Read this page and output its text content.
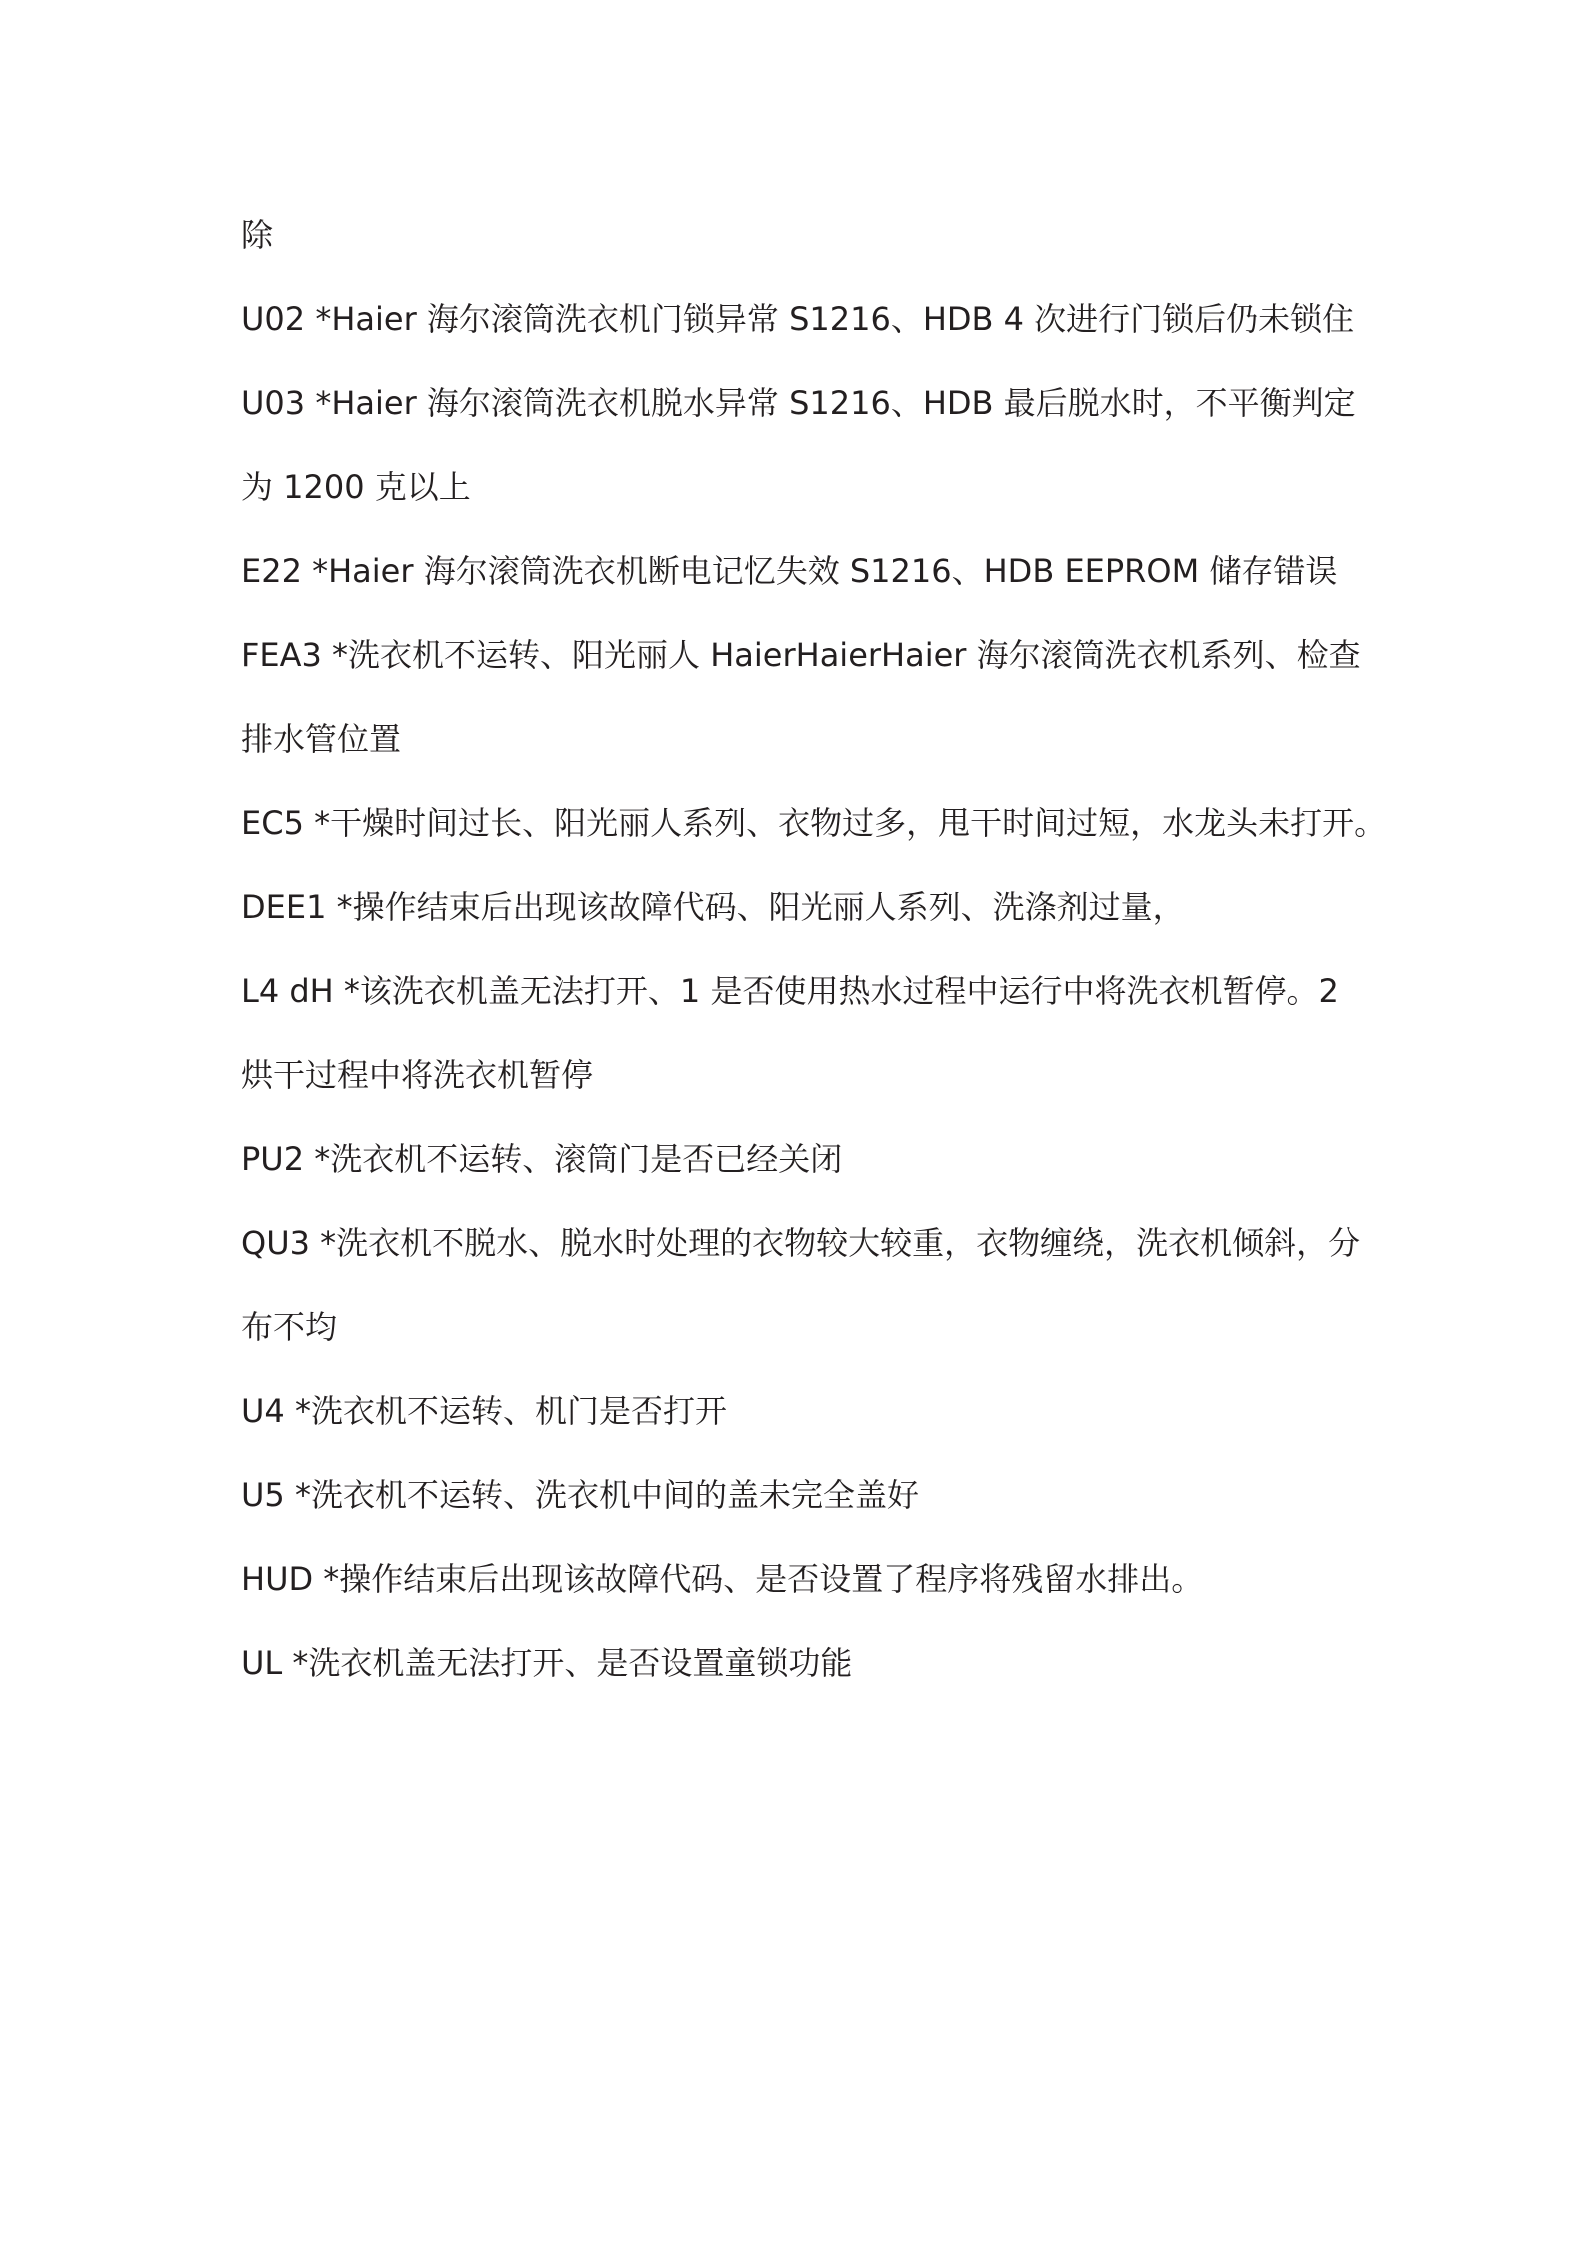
除
U02 *Haier 海尔滚筒洗衣机门锁异常 S1216、HDB 4 次进行门锁后仍未锁住
U03 *Haier 海尔滚筒洗衣机脱水异常 S1216、HDB 最后脱水时，不平衡判定
为 1200 克以上
E22 *Haier 海尔滚筒洗衣机断电记忆失效 S1216、HDB EEPROM 储存错误
FEA3 *洗衣机不运转、阳光丽人 HaierHaierHaier 海尔滚筒洗衣机系列、检查
排水管位置
EC5 *干燥时间过长、阳光丽人系列、衣物过多，甩干时间过短，水龙头未打开。
DEE1 *操作结束后出现该故障代码、阳光丽人系列、洗涤剂过量，
L4 dH *该洗衣机盖无法打开、1 是否使用热水过程中运行中将洗衣机暂停。2
烘干过程中将洗衣机暂停
PU2 *洗衣机不运转、滚筒门是否已经关闭
QU3 *洗衣机不脱水、脱水时处理的衣物较大较重，衣物缠绕，洗衣机倾斜，分
布不均
U4 *洗衣机不运转、机门是否打开
U5 *洗衣机不运转、洗衣机中间的盖未完全盖好
HUD *操作结束后出现该故障代码、是否设置了程序将残留水排出。
UL *洗衣机盖无法打开、是否设置童锁功能
